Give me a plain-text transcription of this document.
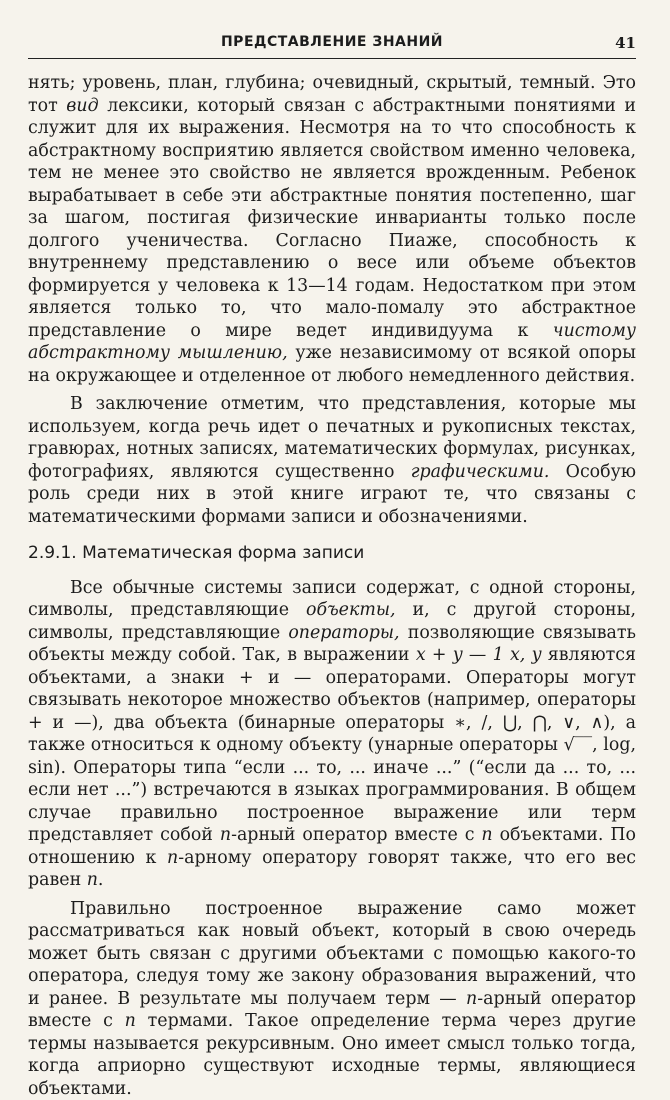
ПРЕДСТАВЛЕНИЕ ЗНАНИЙ	41

нять; уровень, план, глубина; очевидный, скрытый, темный. Это тот вид лексики, который связан с абстрактными понятиями и служит для их выражения. Несмотря на то что способность к абстрактному восприятию является свойством именно человека, тем не менее это свойство не является врожденным. Ребенок вырабатывает в себе эти абстрактные понятия постепенно, шаг за шагом, постигая физические инварианты только после долгого ученичества. Согласно Пиаже, способность к внутреннему представлению о весе или объеме объектов формируется у человека к 13—14 годам. Недостатком при этом является только то, что мало-помалу это абстрактное представление о мире ведет индивидуума к чистому абстрактному мышлению, уже независимому от всякой опоры на окружающее и отделенное от любого немедленного действия.

В заключение отметим, что представления, которые мы используем, когда речь идет о печатных и рукописных текстах, гравюрах, нотных записях, математических формулах, рисунках, фотографиях, являются существенно графическими. Особую роль среди них в этой книге играют те, что связаны с математическими формами записи и обозначениями.

2.9.1. Математическая форма записи

Все обычные системы записи содержат, с одной стороны, символы, представляющие объекты, и, с другой стороны, символы, представляющие операторы, позволяющие связывать объекты между собой. Так, в выражении x + y — 1 x, y являются объектами, а знаки + и — операторами. Операторы могут связывать некоторое множество объектов (например, операторы + и —), два объекта (бинарные операторы ∗, /, ⋃, ⋂, ∨, ∧), а также относиться к одному объекту (унарные операторы √‾‾, log, sin). Операторы типа “если ... то, ... иначе ...” (“если да ... то, ... если нет ...”) встречаются в языках программирования. В общем случае правильно построенное выражение или терм представляет собой n-арный оператор вместе с n объектами. По отношению к n-арному оператору говорят также, что его вес равен n.

Правильно построенное выражение само может рассматриваться как новый объект, который в свою очередь может быть связан с другими объектами с помощью какого-то оператора, следуя тому же закону образования выражений, что и ранее. В результате мы получаем терм — n-арный оператор вместе с n термами. Такое определение терма через другие термы называется рекурсивным. Оно имеет смысл только тогда, когда априорно существуют исходные термы, являющиеся объектами.
